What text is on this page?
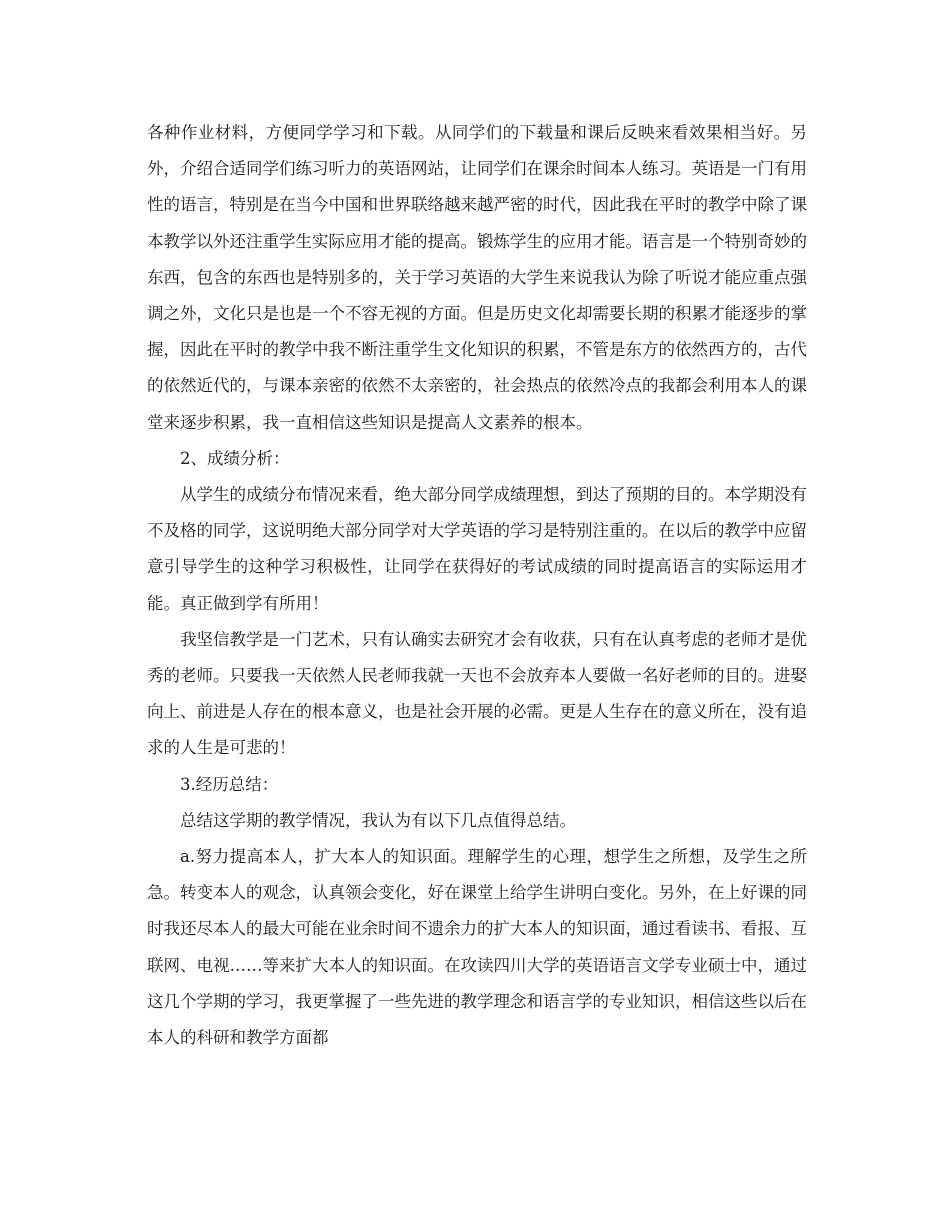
各种作业材料，方便同学学习和下载。从同学们的下载量和课后反映来看效果相当好。另外，介绍合适同学们练习听力的英语网站，让同学们在课余时间本人练习。英语是一门有用性的语言，特别是在当今中国和世界联络越来越严密的时代，因此我在平时的教学中除了课本教学以外还注重学生实际应用才能的提高。锻炼学生的应用才能。语言是一个特别奇妙的东西，包含的东西也是特别多的，关于学习英语的大学生来说我认为除了听说才能应重点强调之外，文化只是也是一个不容无视的方面。但是历史文化却需要长期的积累才能逐步的掌握，因此在平时的教学中我不断注重学生文化知识的积累，不管是东方的依然西方的，古代的依然近代的，与课本亲密的依然不太亲密的，社会热点的依然冷点的我都会利用本人的课堂来逐步积累，我一直相信这些知识是提高人文素养的根本。

2、成绩分析：

从学生的成绩分布情况来看，绝大部分同学成绩理想，到达了预期的目的。本学期没有不及格的同学，这说明绝大部分同学对大学英语的学习是特别注重的。在以后的教学中应留意引导学生的这种学习积极性，让同学在获得好的考试成绩的同时提高语言的实际运用才能。真正做到学有所用！

我坚信教学是一门艺术，只有认确实去研究才会有收获，只有在认真考虑的老师才是优秀的老师。只要我一天依然人民老师我就一天也不会放弃本人要做一名好老师的目的。进娶向上、前进是人存在的根本意义，也是社会开展的必需。更是人生存在的意义所在，没有追求的人生是可悲的！

3.经历总结：

总结这学期的教学情况，我认为有以下几点值得总结。

a.努力提高本人，扩大本人的知识面。理解学生的心理，想学生之所想，及学生之所急。转变本人的观念，认真领会变化，好在课堂上给学生讲明白变化。另外，在上好课的同时我还尽本人的最大可能在业余时间不遗余力的扩大本人的知识面，通过看读书、看报、互联网、电视……等来扩大本人的知识面。在攻读四川大学的英语语言文学专业硕士中，通过这几个学期的学习，我更掌握了一些先进的教学理念和语言学的专业知识，相信这些以后在本人的科研和教学方面都
